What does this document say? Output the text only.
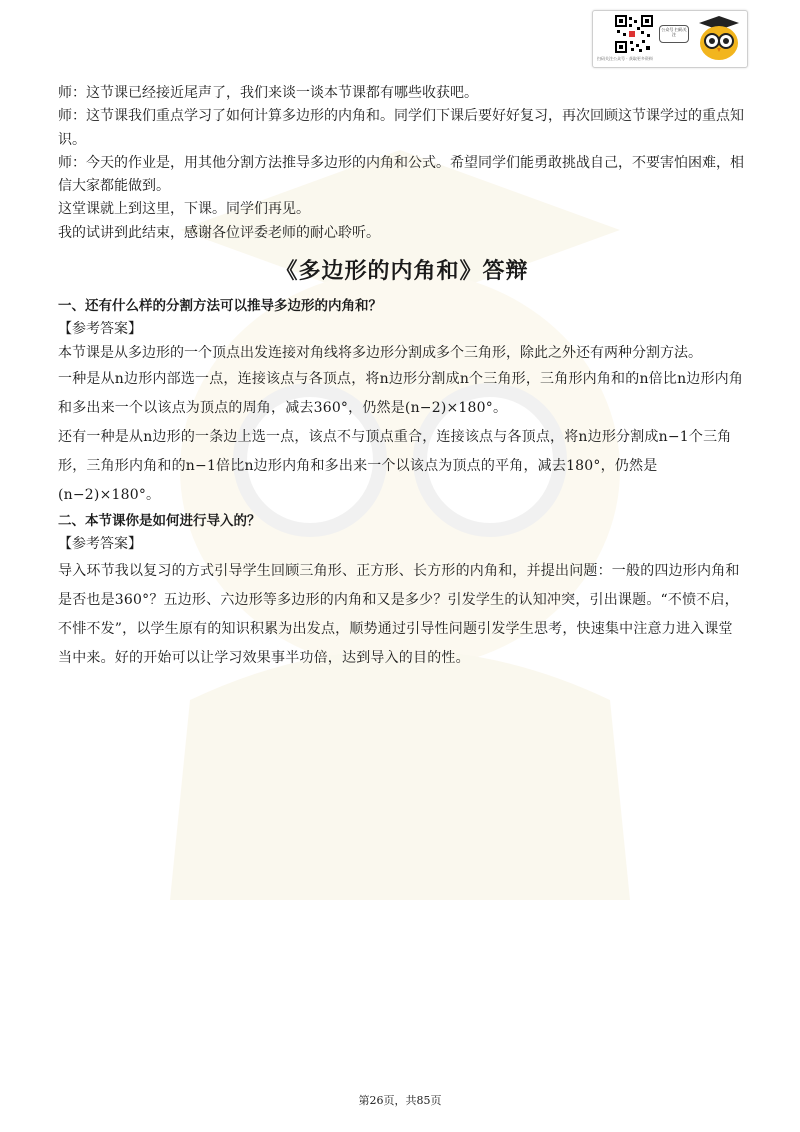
扫码关注公众号 · 获取更多资料
公众号 扫码关注

师：这节课已经接近尾声了，我们来谈一谈本节课都有哪些收获吧。

师：这节课我们重点学习了如何计算多边形的内角和。同学们下课后要好好复习，再次回顾这节课学过的重点知识。

师：今天的作业是，用其他分割方法推导多边形的内角和公式。希望同学们能勇敢挑战自己，不要害怕困难，相信大家都能做到。

这堂课就上到这里，下课。同学们再见。

我的试讲到此结束，感谢各位评委老师的耐心聆听。

《多边形的内角和》答辩

一、还有什么样的分割方法可以推导多边形的内角和？

【参考答案】

本节课是从多边形的一个顶点出发连接对角线将多边形分割成多个三角形，除此之外还有两种分割方法。

一种是从n边形内部选一点，连接该点与各顶点，将n边形分割成n个三角形，三角形内角和的n倍比n边形内角和多出来一个以该点为顶点的周角，减去360°，仍然是(n−2)×180°。

还有一种是从n边形的一条边上选一点，该点不与顶点重合，连接该点与各顶点，将n边形分割成n−1个三角形，三角形内角和的n−1倍比n边形内角和多出来一个以该点为顶点的平角，减去180°，仍然是(n−2)×180°。

二、本节课你是如何进行导入的？

【参考答案】

导入环节我以复习的方式引导学生回顾三角形、正方形、长方形的内角和，并提出问题：一般的四边形内角和是否也是360°？五边形、六边形等多边形的内角和又是多少？引发学生的认知冲突，引出课题。“不愤不启，不悱不发”，以学生原有的知识积累为出发点，顺势通过引导性问题引发学生思考，快速集中注意力进入课堂当中来。好的开始可以让学习效果事半功倍，达到导入的目的性。

第26页，共85页
